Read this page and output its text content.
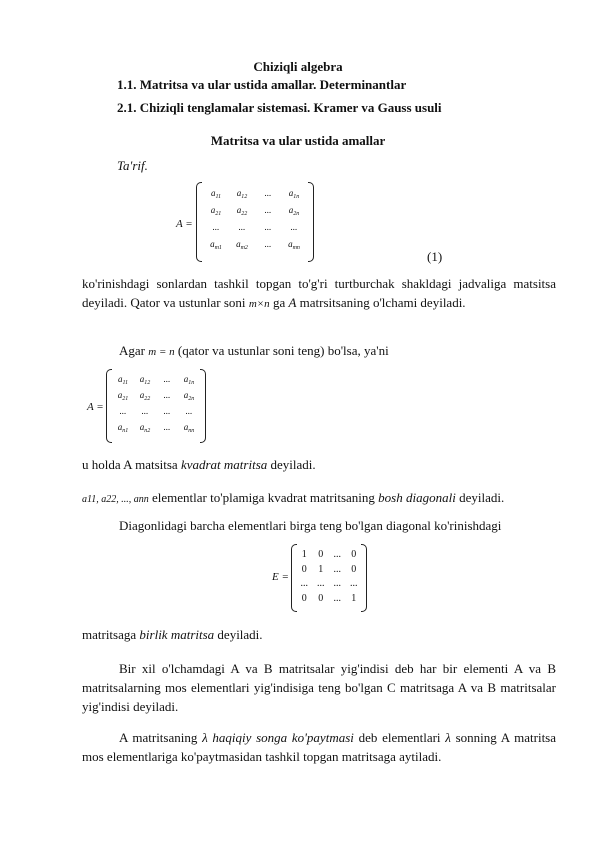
Chiziqli algebra
1.1. Matritsa va ular ustida amallar. Determinantlar
2.1. Chiziqli tenglamalar sistemasi. Kramer va Gauss usuli
Matritsa va ular ustida amallar
Ta'rif.
A =
$a_{11}$	$a_{12}$	...	$a_{1n}$
$a_{21}$	$a_{22}$	...	$a_{2n}$
...	...	...	...
$a_{m1}$	$a_{m2}$	...	$a_{mn}$
(1)
ko'rinishdagi sonlardan tashkil topgan to'g'ri turtburchak shakldagi jadvaliga matsitsa deyiladi. Qator va ustunlar soni m×n ga A matrsitsaning o'lchami deyiladi.
Agar m = n (qator va ustunlar soni teng) bo'lsa, ya'ni
A =
$a_{11}$	$a_{12}$	...	$a_{1n}$
$a_{21}$	$a_{22}$	...	$a_{2n}$
...	...	...	...
$a_{n1}$	$a_{n2}$	...	$a_{nn}$
u holda A matsitsa kvadrat matritsa deyiladi.
a11, a22, ..., ann elementlar to'plamiga kvadrat matritsaning bosh diagonali deyiladi.
Diagonlidagi barcha elementlari birga teng bo'lgan diagonal ko'rinishdagi
E =
1	0	...	0
0	1	...	0
... ... ... ...
0	0	...	1
matritsaga birlik matritsa deyiladi.
Bir xil o'lchamdagi A va B matritsalar yig'indisi deb har bir elementi A va B matritsalarning mos elementlari yig'indisiga teng bo'lgan C matritsaga A va B matritsalar yig'indisi deyiladi.
A matritsaning λ haqiqiy songa ko'paytmasi deb elementlari λ sonning A matritsa mos elementlariga ko'paytmasidan tashkil topgan matritsaga aytiladi.
